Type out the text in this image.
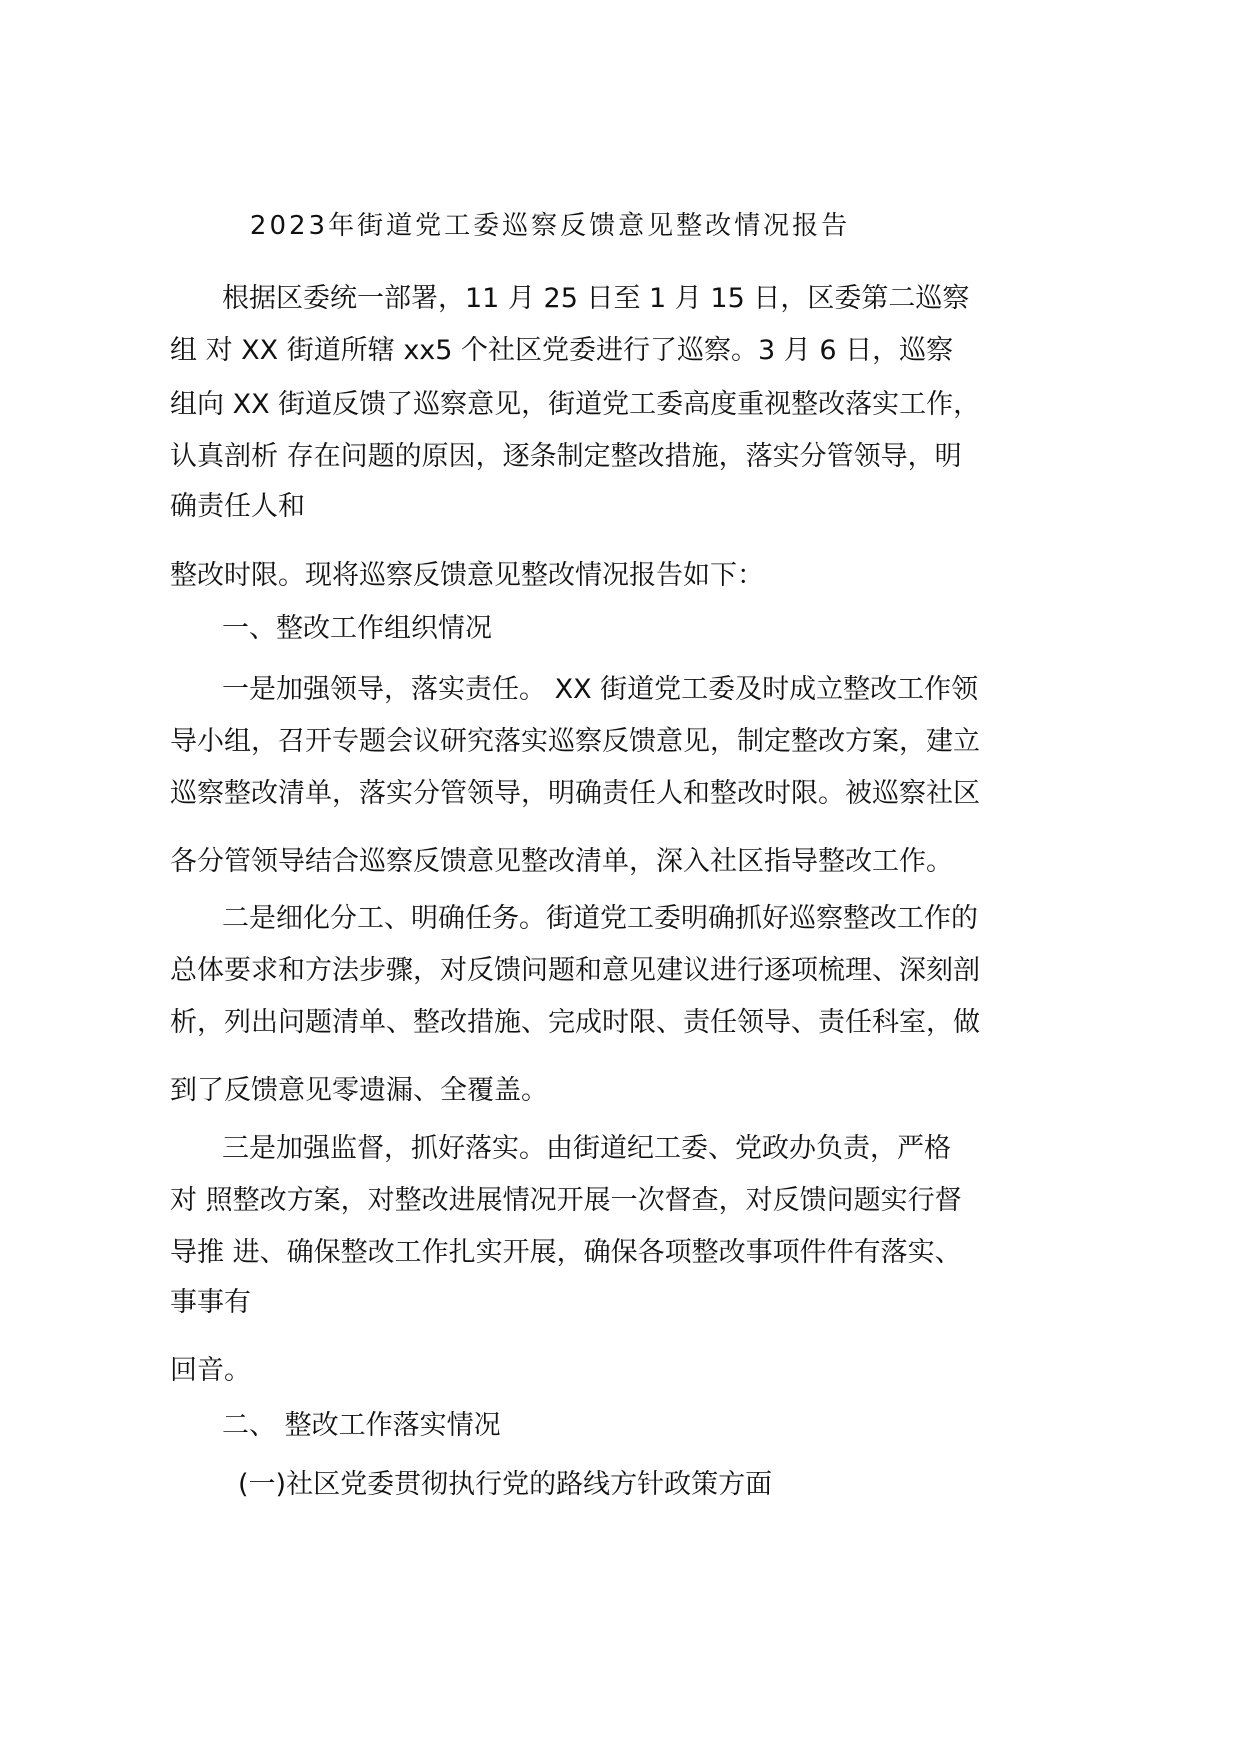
2023年街道党工委巡察反馈意见整改情况报告
根据区委统一部署，11 月 25 日至 1 月 15 日，区委第二巡察
组 对 XX 街道所辖 xx5 个社区党委进行了巡察。3 月 6 日，巡察
组向 XX 街道反馈了巡察意见，街道党工委高度重视整改落实工作，
认真剖析 存在问题的原因，逐条制定整改措施，落实分管领导，明
确责任人和
整改时限。现将巡察反馈意见整改情况报告如下：
一、整改工作组织情况
一是加强领导，落实责任。 XX 街道党工委及时成立整改工作领
导小组，召开专题会议研究落实巡察反馈意见，制定整改方案，建立
巡察整改清单，落实分管领导，明确责任人和整改时限。被巡察社区
各分管领导结合巡察反馈意见整改清单，深入社区指导整改工作。
二是细化分工、明确任务。街道党工委明确抓好巡察整改工作的
总体要求和方法步骤，对反馈问题和意见建议进行逐项梳理、深刻剖
析，列出问题清单、整改措施、完成时限、责任领导、责任科室，做
到了反馈意见零遗漏、全覆盖。
三是加强监督，抓好落实。由街道纪工委、党政办负责，严格
对 照整改方案，对整改进展情况开展一次督查，对反馈问题实行督
导推 进、确保整改工作扎实开展，确保各项整改事项件件有落实、
事事有
回音。
二、 整改工作落实情况
(一)社区党委贯彻执行党的路线方针政策方面
